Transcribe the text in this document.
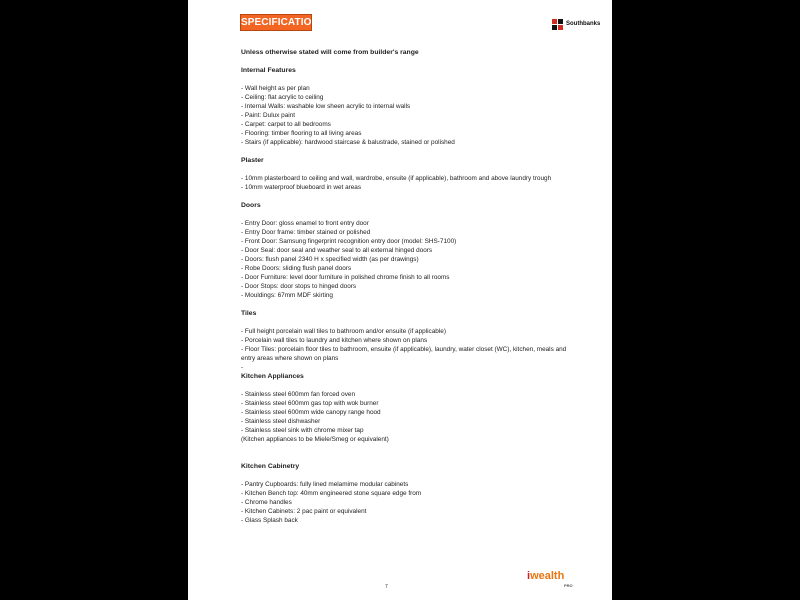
SPECIFICATIONS	Southbanks
Unless otherwise stated will come from builder's range
Internal Features
- Wall height as per plan
- Ceiling: flat acrylic to ceiling
- Internal Walls: washable low sheen acrylic to internal walls
- Paint: Dulux paint
- Carpet: carpet to all bedrooms
- Flooring: timber flooring to all living areas
- Stairs (if applicable): hardwood staircase & balustrade, stained or polished
Plaster
- 10mm plasterboard to ceiling and wall, wardrobe, ensuite (if applicable), bathroom and above laundry trough
- 10mm waterproof blueboard in wet areas
Doors
- Entry Door: gloss enamel to front entry door
- Entry Door frame: timber stained or polished
- Front Door: Samsung fingerprint recognition entry door (model: SHS-7100)
- Door Seal: door seal and weather seal to all external hinged doors
- Doors: flush panel 2340 H x specified width (as per drawings)
- Robe Doors: sliding flush panel doors
- Door Furniture: level door furniture in polished chrome finish to all rooms
- Door Stops: door stops to hinged doors
- Mouldings: 67mm MDF skirting
Tiles
- Full height porcelain wall tiles to bathroom and/or ensuite (if applicable)
- Porcelain wall tiles to laundry and kitchen where shown on plans
- Floor Tiles: porcelain floor tiles to bathroom, ensuite (if applicable), laundry, water closet (WC), kitchen, meals and
entry areas where shown on plans
-
Kitchen Appliances
- Stainless steel 600mm fan forced oven
- Stainless steel 600mm gas top with wok burner
- Stainless steel 600mm wide canopy range hood
- Stainless steel dishwasher
- Stainless steel sink with chrome mixer tap
(Kitchen appliances to be Miele/Smeg or equivalent)
Kitchen Cabinetry
- Pantry Cupboards: fully lined melamime modular cabinets
- Kitchen Bench top: 40mm engineered stone square edge from
- Chrome handles
- Kitchen Cabinets: 2 pac paint or equivalent
- Glass Splash back
7
iwealth
PRO
